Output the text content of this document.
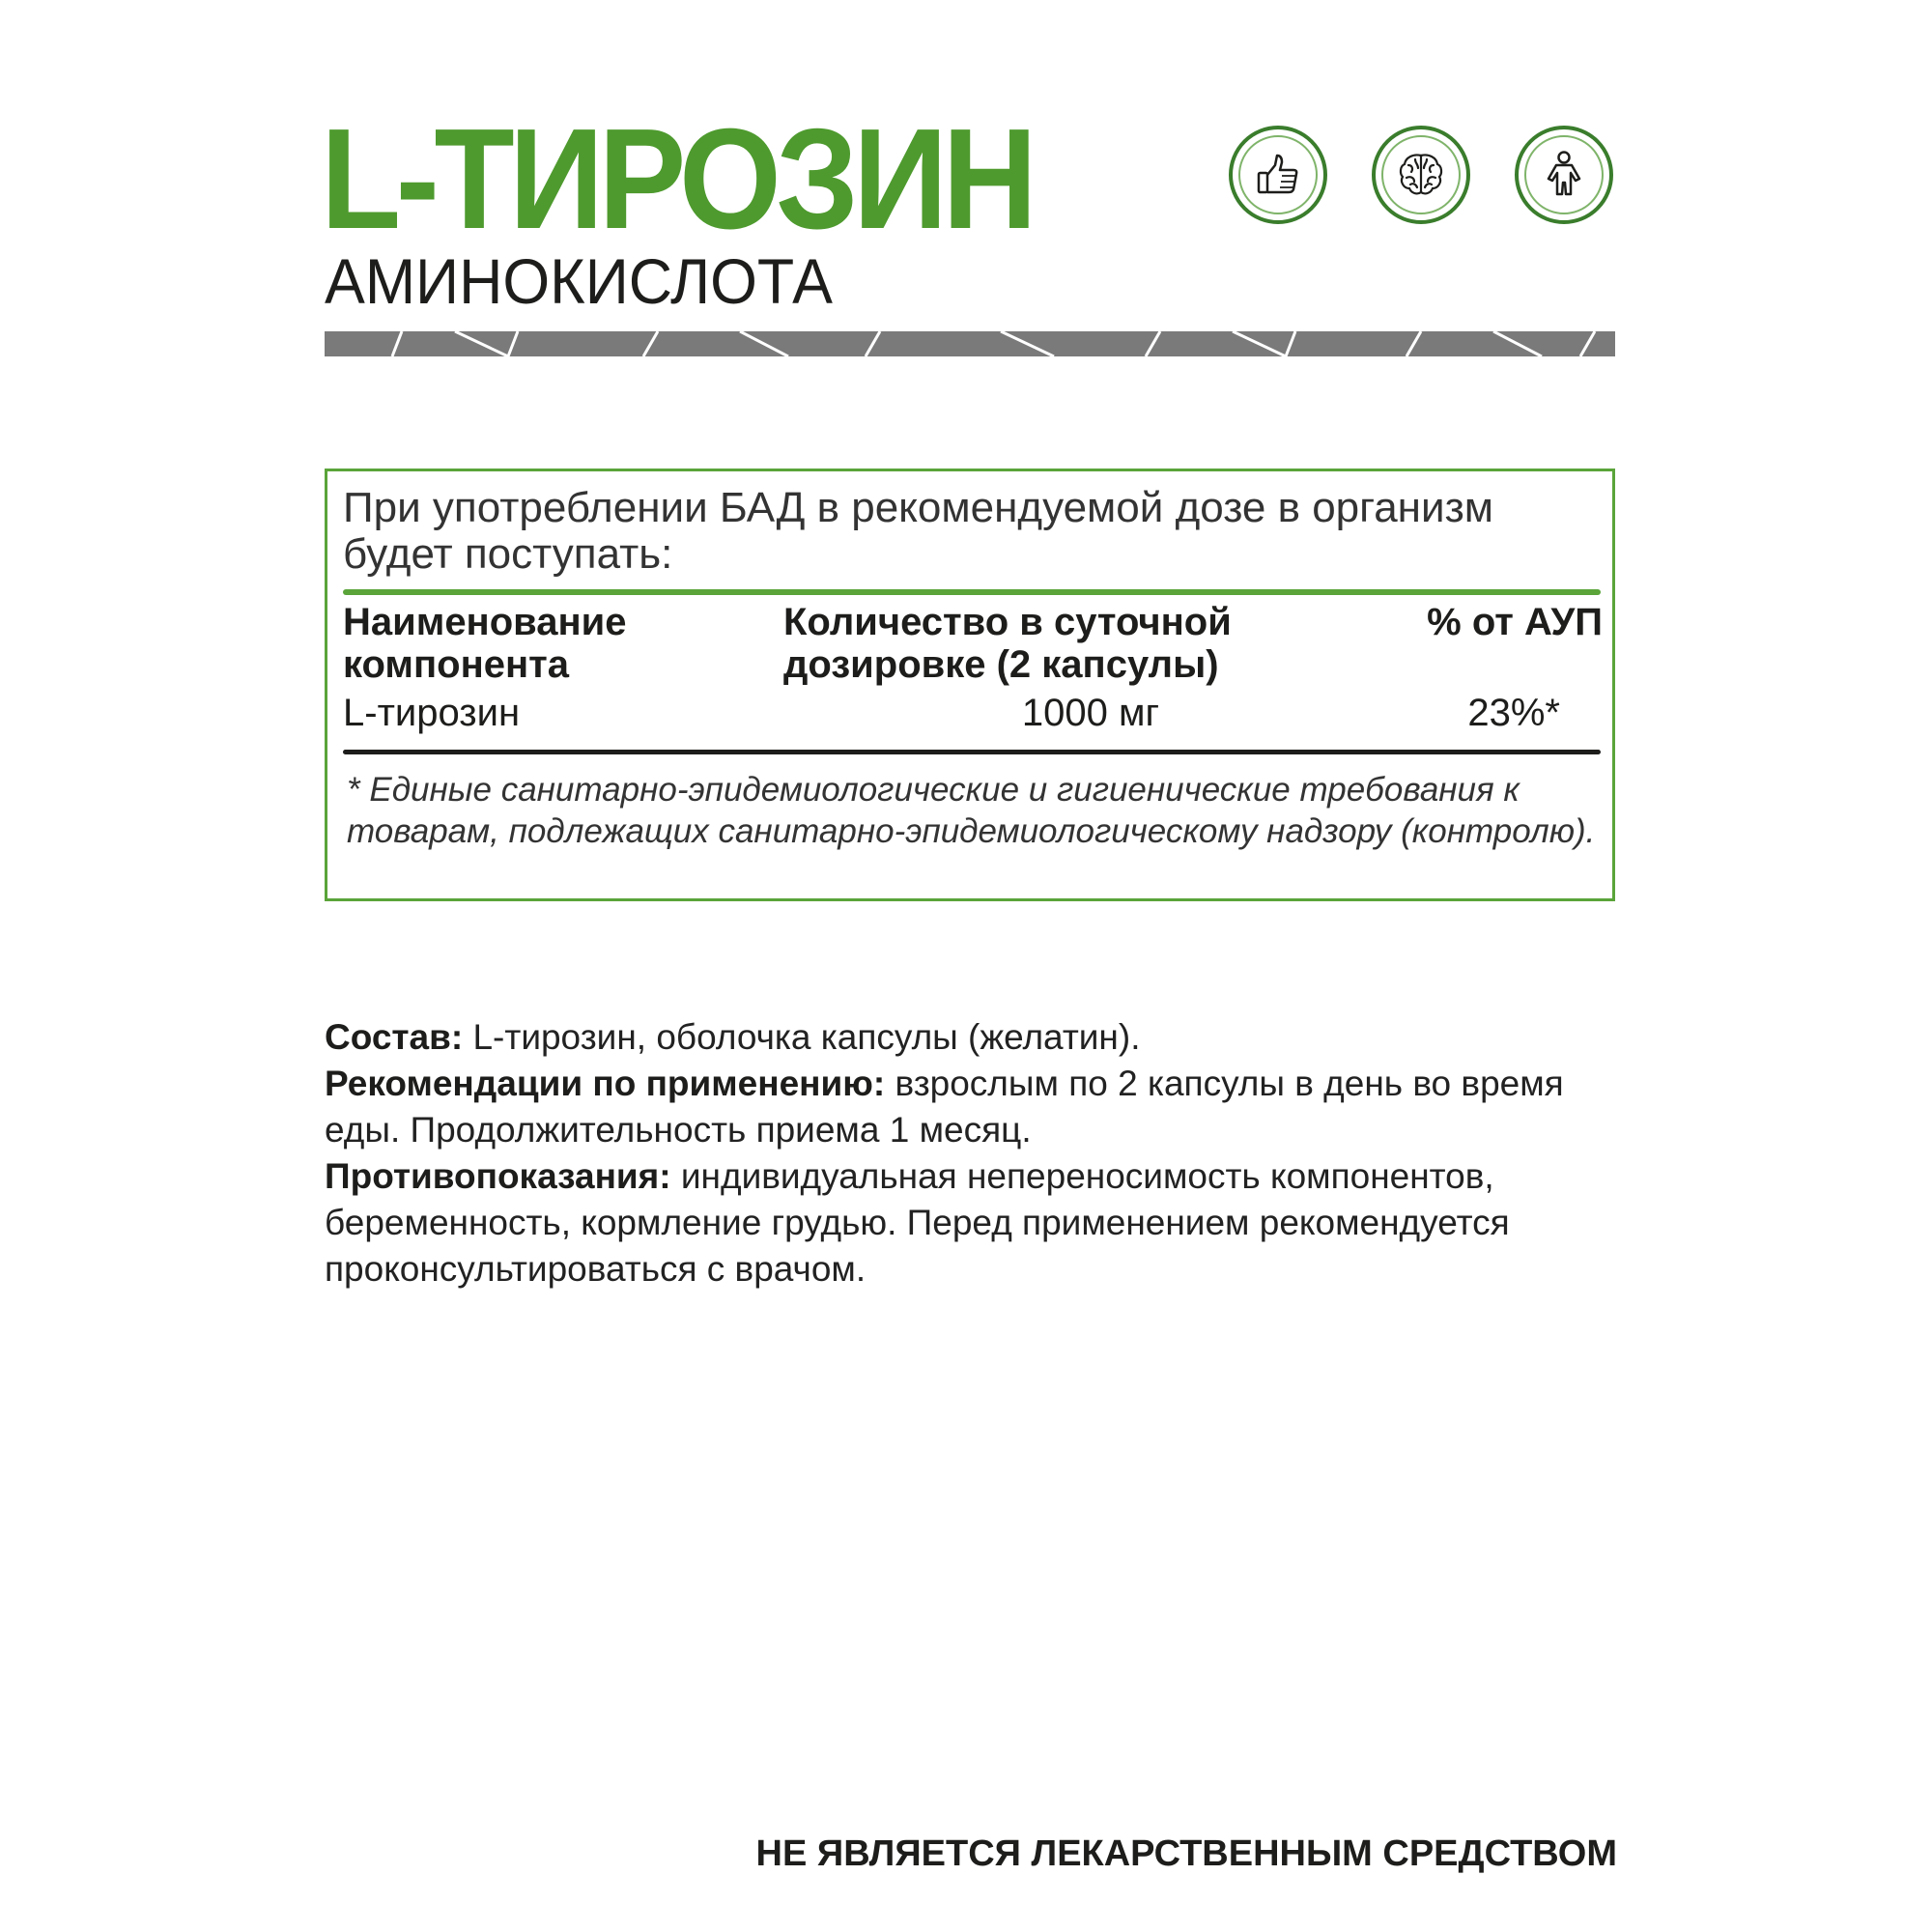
L-ТИРОЗИН
АМИНОКИСЛОТА
При употреблении БАД в рекомендуемой дозе в организм будет поступать:
Наименование компонента
Количество в суточной дозировке (2 капсулы)
% от АУП
L-тирозин	1000 мг	23%*
* Единые санитарно-эпидемиологические и гигиенические требования к товарам, подлежащих санитарно-эпидемиологическому надзору (контролю).

Состав: L-тирозин, оболочка капсулы (желатин).

Рекомендации по применению: взрослым по 2 капсулы в день во время еды. Продолжительность приема 1 месяц.

Противопоказания: индивидуальная непереносимость компонентов, беременность, кормление грудью. Перед применением рекомендуется проконсультироваться с врачом.

НЕ ЯВЛЯЕТСЯ ЛЕКАРСТВЕННЫМ СРЕДСТВОМ
